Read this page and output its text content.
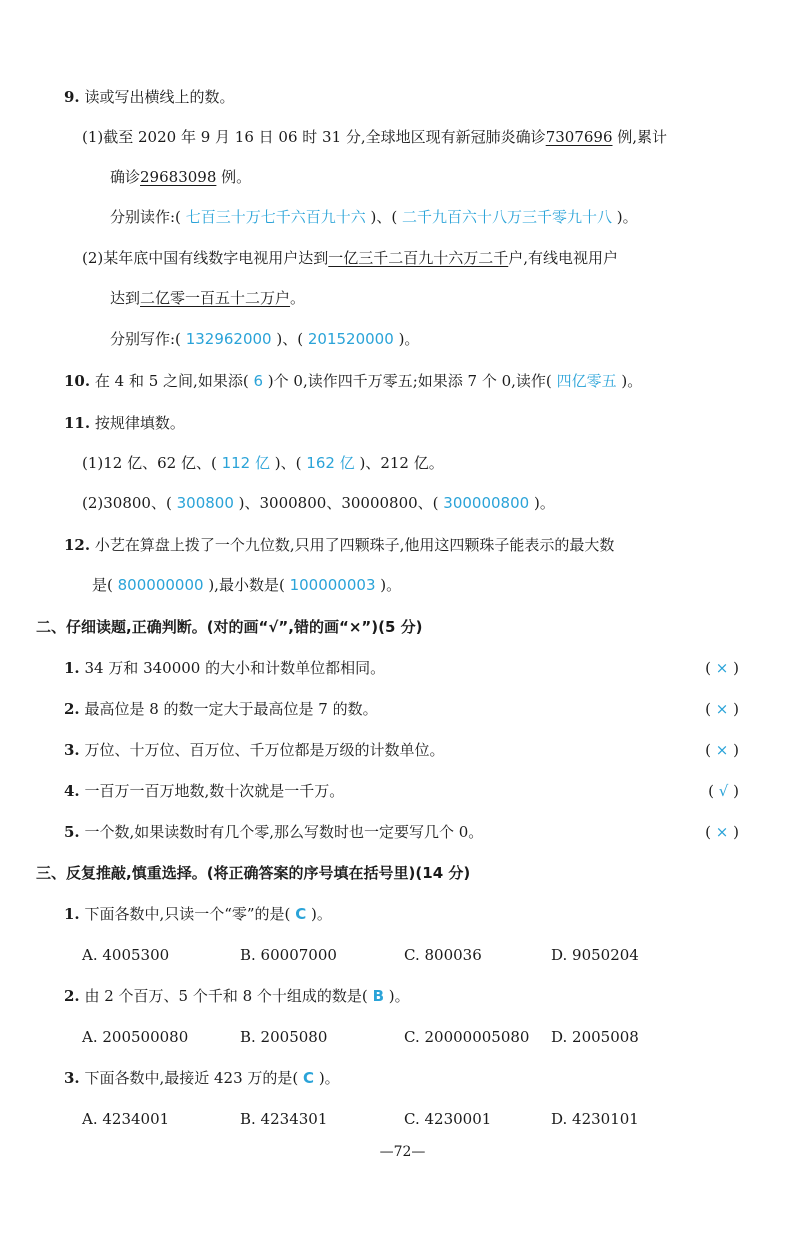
9. 读或写出横线上的数。
(1)截至 2020 年 9 月 16 日 06 时 31 分,全球地区现有新冠肺炎确诊7307696 例,累计
确诊29683098 例。
分别读作:( 七百三十万七千六百九十六 )、( 二千九百六十八万三千零九十八 )。
(2)某年底中国有线数字电视用户达到一亿三千二百九十六万二千户,有线电视用户
达到二亿零一百五十二万户。
分别写作:( 132962000 )、( 201520000 )。
10. 在 4 和 5 之间,如果添( 6 )个 0,读作四千万零五;如果添 7 个 0,读作( 四亿零五 )。
11. 按规律填数。
(1)12 亿、62 亿、( 112 亿 )、( 162 亿 )、212 亿。
(2)30800、( 300800 )、3000800、30000800、( 300000800 )。
12. 小艺在算盘上拨了一个九位数,只用了四颗珠子,他用这四颗珠子能表示的最大数
是( 800000000 ),最小数是( 100000003 )。
二、仔细读题,正确判断。(对的画“√”,错的画“×”)(5 分)
1. 34 万和 340000 的大小和计数单位都相同。	( × )
2. 最高位是 8 的数一定大于最高位是 7 的数。	( × )
3. 万位、十万位、百万位、千万位都是万级的计数单位。	( × )
4. 一百万一百万地数,数十次就是一千万。	( √ )
5. 一个数,如果读数时有几个零,那么写数时也一定要写几个 0。	( × )
三、反复推敲,慎重选择。(将正确答案的序号填在括号里)(14 分)
1. 下面各数中,只读一个“零”的是( C )。
A. 4005300	B. 60007000	C. 800036	D. 9050204
2. 由 2 个百万、5 个千和 8 个十组成的数是( B )。
A. 200500080	B. 2005080	C. 20000005080 D. 2005008
3. 下面各数中,最接近 423 万的是( C )。
A. 4234001	B. 4234301	C. 4230001	D. 4230101
—72—
